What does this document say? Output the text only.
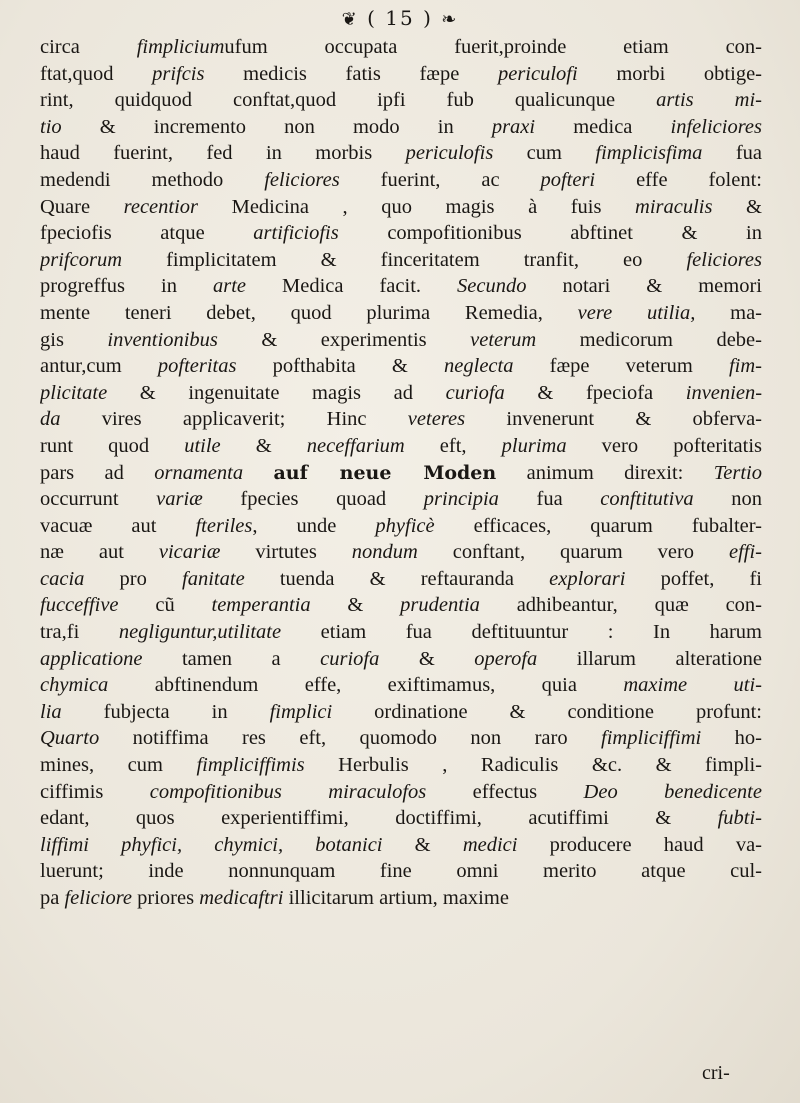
❦ ( 15 ) ❧
circa fimpliciumufum occupata fuerit,proinde etiam con-
ftat,quod prifcis medicis fatis fæpe periculofi morbi obtige-
rint, quidquod conftat,quod ipfi fub qualicunque artis mi-
tio & incremento non modo in praxi medica infeliciores
haud fuerint, fed in morbis periculofis cum fimplicisfima fua
medendi methodo feliciores fuerint, ac pofteri effe folent:
Quare recentior Medicina , quo magis à fuis miraculis &
fpeciofis atque artificiofis compofitionibus abftinet & in
prifcorum fimplicitatem & finceritatem tranfit, eo feliciores
progreffus in arte Medica facit. Secundo notari & memori
mente teneri debet, quod plurima Remedia, vere utilia, ma-
gis inventionibus & experimentis veterum medicorum debe-
antur,cum pofteritas pofthabita & neglecta fæpe veterum fim-
plicitate & ingenuitate magis ad curiofa & fpeciofa invenien-
da vires applicaverit; Hinc veteres invenerunt & obferva-
runt quod utile & neceffarium eft, plurima vero pofteritatis
pars ad ornamenta auf neue Moden animum direxit: Tertio
occurrunt variæ fpecies quoad principia fua conftitutiva non
vacuæ aut fteriles, unde phyficè efficaces, quarum fubalter-
næ aut vicariæ virtutes nondum conftant, quarum vero effi-
cacia pro fanitate tuenda & reftauranda explorari poffet, fi
fucceffive cũ temperantia & prudentia adhibeantur, quæ con-
tra,fi negliguntur,utilitate etiam fua deftituuntur : In harum
applicatione tamen a curiofa & operofa illarum alteratione
chymica abftinendum effe, exiftimamus, quia maxime uti-
lia fubjecta in fimplici ordinatione & conditione profunt:
Quarto notiffima res eft, quomodo non raro fimpliciffimi ho-
mines, cum fimpliciffimis Herbulis , Radiculis &c. & fimpli-
ciffimis compofitionibus miraculofos effectus Deo benedicente
edant, quos experientiffimi, doctiffimi, acutiffimi & fubti-
liffimi phyfici, chymici, botanici & medici producere haud va-
luerunt; inde nonnunquam fine omni merito atque cul-
pa feliciore priores medicaftri illicitarum artium, maxime
cri-
